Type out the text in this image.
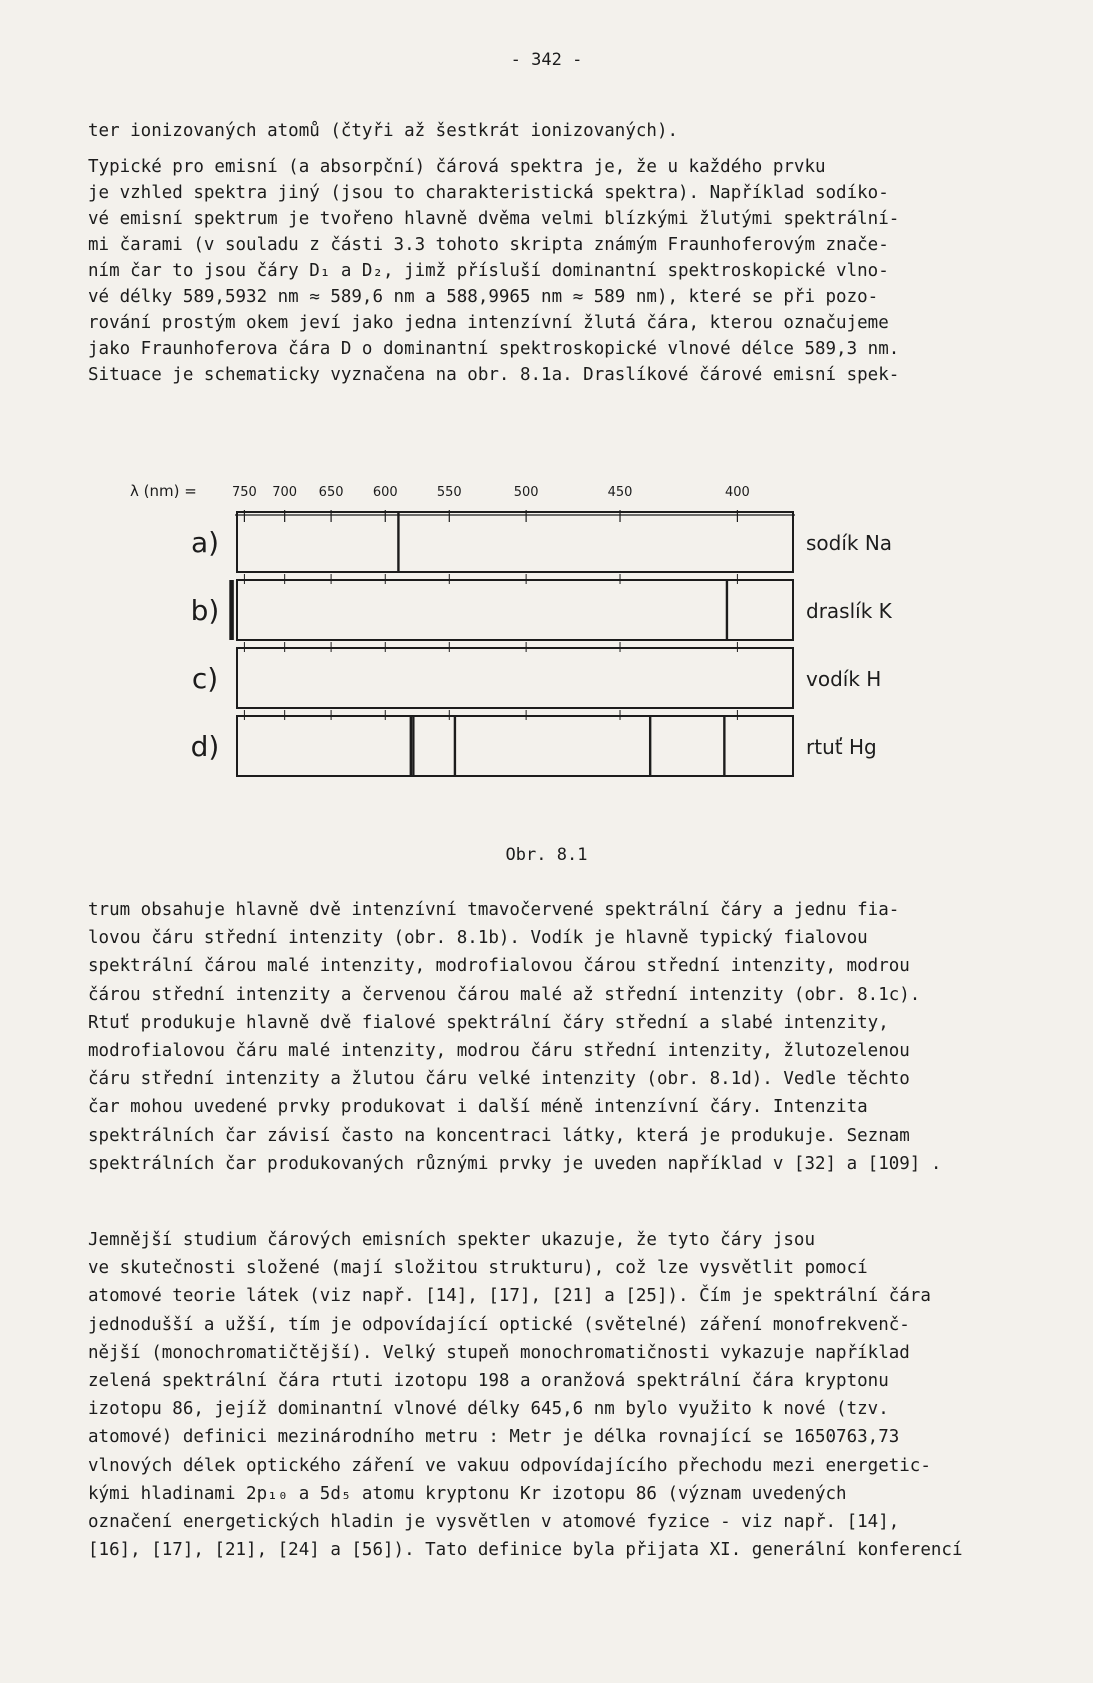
- 342 -
ter ionizovaných atomů (čtyři až šestkrát ionizovaných).
Typické pro emisní (a absorpční) čárová spektra je, že u každého prvku
je vzhled spektra jiný (jsou to charakteristická spektra). Například sodíko-
vé emisní spektrum je tvořeno hlavně dvěma velmi blízkými žlutými spektrální-
mi čarami (v souladu z části 3.3 tohoto skripta známým Fraunhoferovým znače-
ním čar to jsou čáry D₁ a D₂, jimž přísluší dominantní spektroskopické vlno-
vé délky 589,5932 nm ≈ 589,6 nm a 588,9965 nm ≈ 589 nm), které se při pozo-
rování prostým okem jeví jako jedna intenzívní žlutá čára, kterou označujeme
jako Fraunhoferova čára D o dominantní spektroskopické vlnové délce 589,3 nm.
Situace je schematicky vyznačena na obr. 8.1a. Draslíkové čárové emisní spek-
λ (nm) =	750 700 650 600	550	500	450	400
a)	sodík Na
b)	draslík K
c)	vodík H
d)	rtuť Hg
Obr. 8.1
trum obsahuje hlavně dvě intenzívní tmavočervené spektrální čáry a jednu fia-
lovou čáru střední intenzity (obr. 8.1b). Vodík je hlavně typický fialovou
spektrální čárou malé intenzity, modrofialovou čárou střední intenzity, modrou
čárou střední intenzity a červenou čárou malé až střední intenzity (obr. 8.1c).
Rtuť produkuje hlavně dvě fialové spektrální čáry střední a slabé intenzity,
modrofialovou čáru malé intenzity, modrou čáru střední intenzity, žlutozelenou
čáru střední intenzity a žlutou čáru velké intenzity (obr. 8.1d). Vedle těchto
čar mohou uvedené prvky produkovat i další méně intenzívní čáry. Intenzita
spektrálních čar závisí často na koncentraci látky, která je produkuje. Seznam
spektrálních čar produkovaných různými prvky je uveden například v [32] a [109] .
Jemnější studium čárových emisních spekter ukazuje, že tyto čáry jsou
ve skutečnosti složené (mají složitou strukturu), což lze vysvětlit pomocí
atomové teorie látek (viz např. [14], [17], [21] a [25]). Čím je spektrální čára
jednodušší a užší, tím je odpovídající optické (světelné) záření monofrekvenč-
nější (monochromatičtější). Velký stupeň monochromatičnosti vykazuje například
zelená spektrální čára rtuti izotopu 198 a oranžová spektrální čára kryptonu
izotopu 86, jejíž dominantní vlnové délky 645,6 nm bylo využito k nové (tzv.
atomové) definici mezinárodního metru : Metr je délka rovnající se 1650763,73
vlnových délek optického záření ve vakuu odpovídajícího přechodu mezi energetic-
kými hladinami 2p₁₀ a 5d₅ atomu kryptonu Kr izotopu 86 (význam uvedených
označení energetických hladin je vysvětlen v atomové fyzice - viz např. [14],
[16], [17], [21], [24] a [56]). Tato definice byla přijata XI. generální konferencí
